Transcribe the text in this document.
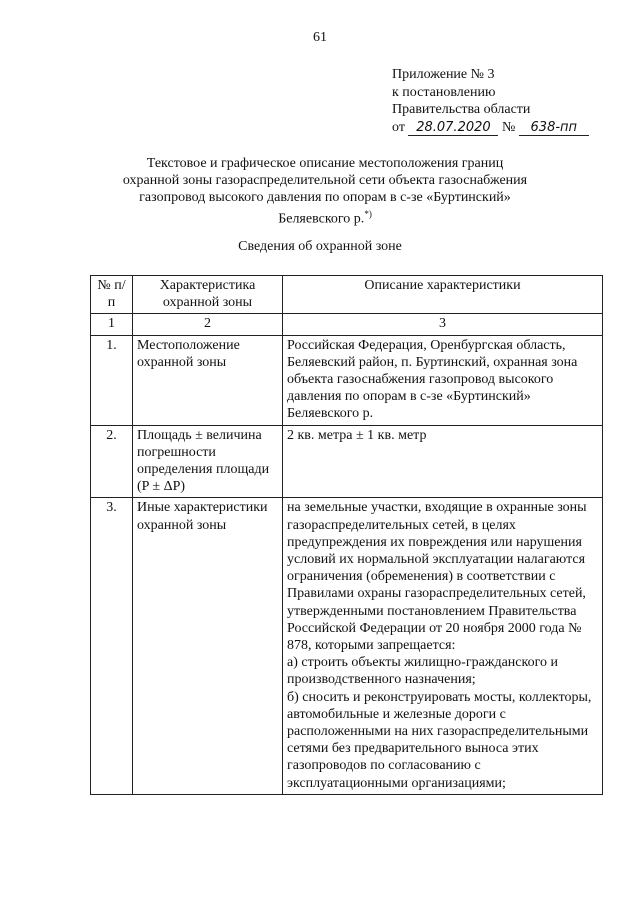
61
Приложение № 3
к постановлению
Правительства области
от 28.07.2020 № 638-пп
Текстовое и графическое описание местоположения границ
охранной зоны газораспределительной сети объекта газоснабжения
газопровод высокого давления по опорам в с-зе «Буртинский»
Беляевского р.*)
Сведения об охранной зоне
№ п/п	Характеристика охранной зоны	Описание характеристики
1	2	3
1.	Местоположение охранной зоны	Российская Федерация, Оренбургская область, Беляевский район, п. Буртинский, охранная зона объекта газоснабжения газопровод высокого давления по опорам в с-зе «Буртинский» Беляевского р.
2.	Площадь ± величина погрешности определения площади (P ± ΔP)	2 кв. метра ± 1 кв. метр
3.	Иные характеристики охранной зоны	на земельные участки, входящие в охранные зоны газораспределительных сетей, в целях предупреждения их повреждения или нарушения условий их нормальной эксплуатации налагаются ограничения (обременения) в соответствии с Правилами охраны газораспределительных сетей, утвержденными постановлением Правительства Российской Федерации от 20 ноября 2000 года № 878, которыми запрещается:
а) строить объекты жилищно-гражданского и производственного назначения;
б) сносить и реконструировать мосты, коллекторы, автомобильные и железные дороги с расположенными на них газораспределительными сетями без предварительного выноса этих газопроводов по согласованию с эксплуатационными организациями;
